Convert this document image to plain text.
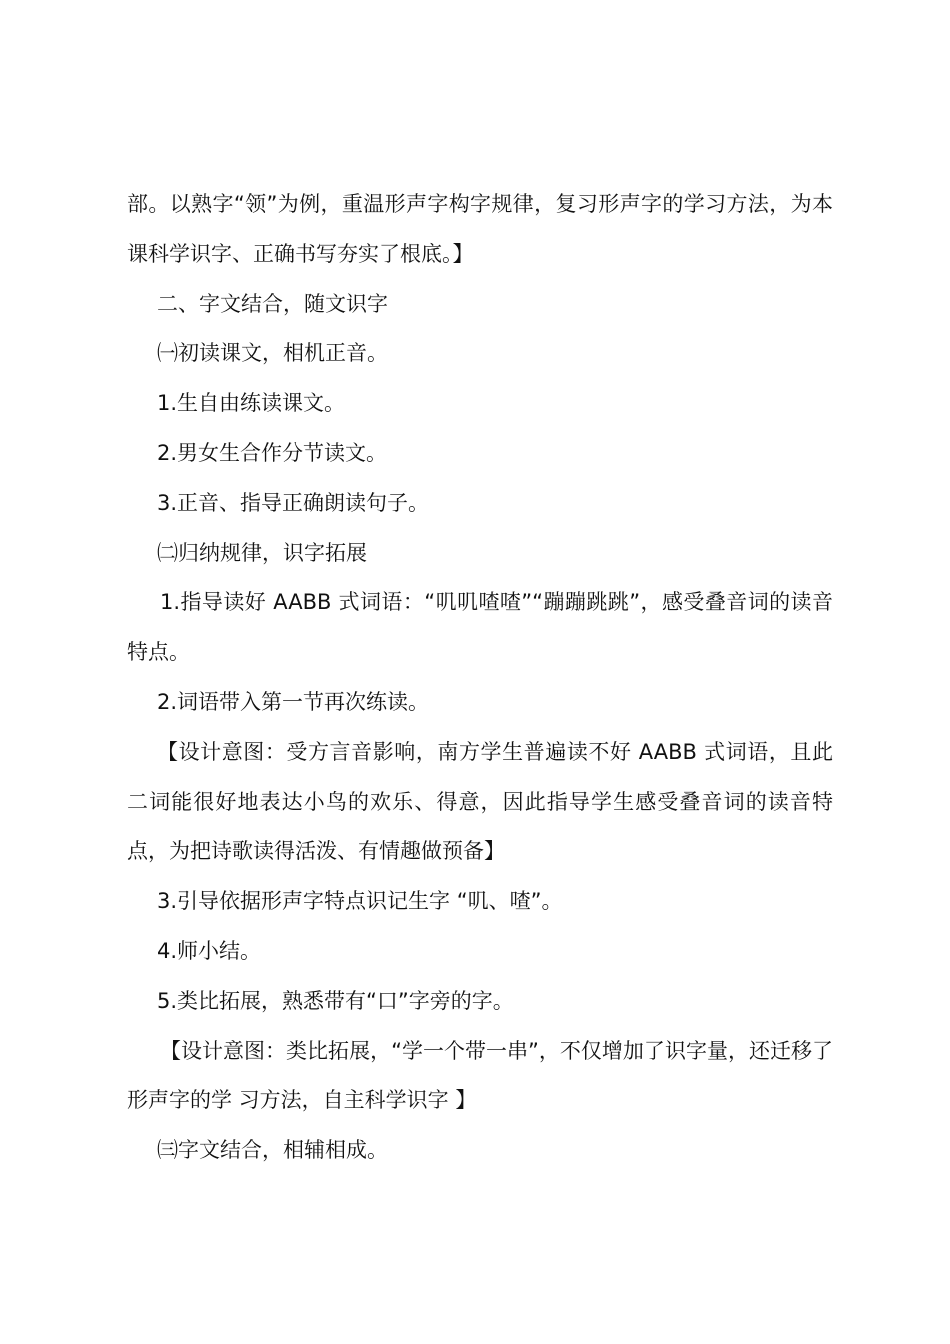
部。以熟字“领”为例，重温形声字构字规律，复习形声字的学习方法，为本课科学识字、正确书写夯实了根底。】

二、字文结合，随文识字

㈠初读课文，相机正音。

1.生自由练读课文。

2.男女生合作分节读文。

3.正音、指导正确朗读句子。

㈡归纳规律，识字拓展

1.指导读好 AABB 式词语：“叽叽喳喳”“蹦蹦跳跳”，感受叠音词的读音特点。

2.词语带入第一节再次练读。

【设计意图：受方言音影响，南方学生普遍读不好 AABB 式词语，且此二词能很好地表达小鸟的欢乐、得意，因此指导学生感受叠音词的读音特点，为把诗歌读得活泼、有情趣做预备】

3.引导依据形声字特点识记生字 “叽、喳”。

4.师小结。

5.类比拓展，熟悉带有“口”字旁的字。

【设计意图：类比拓展，“学一个带一串”，不仅增加了识字量，还迁移了形声字的学 习方法，自主科学识字 】

㈢字文结合，相辅相成。
